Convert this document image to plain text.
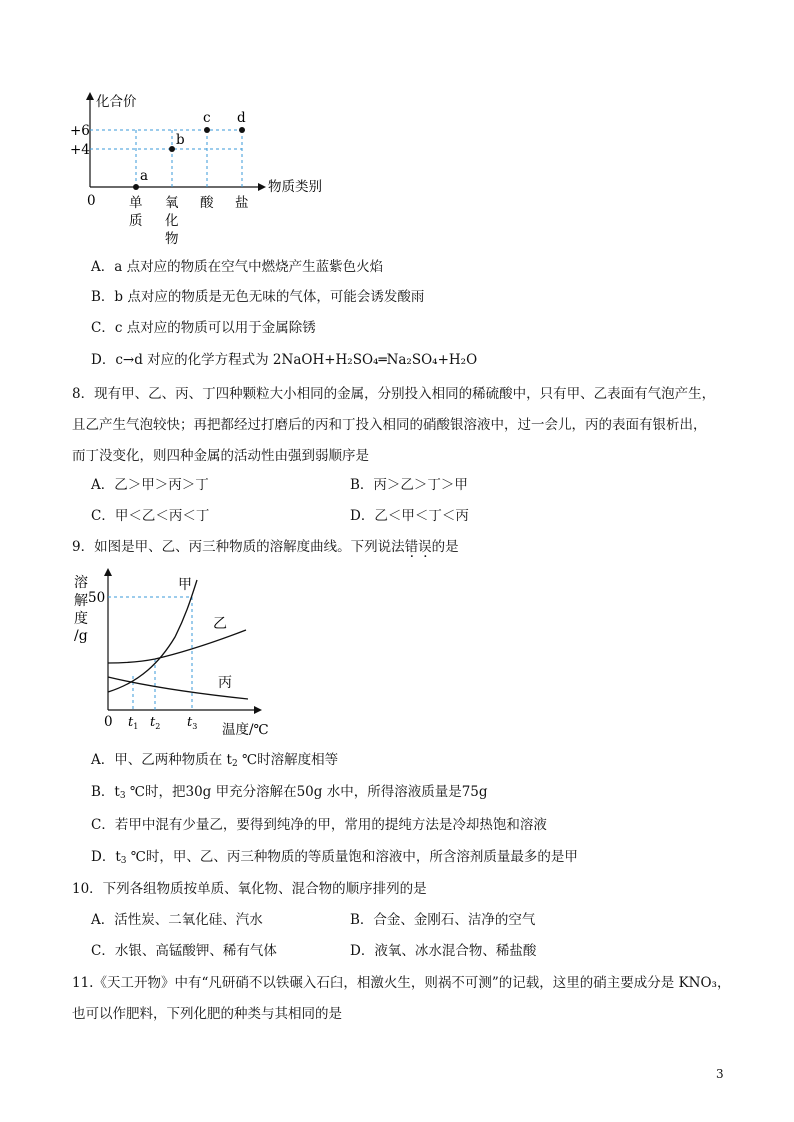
化合价
物质类别
0
+6
+4
a
b
c d
单
质
氧
化
物
酸 盐
A．a 点对应的物质在空气中燃烧产生蓝紫色火焰
B．b 点对应的物质是无色无味的气体，可能会诱发酸雨
C．c 点对应的物质可以用于金属除锈
D．c→d 对应的化学方程式为 2NaOH+H₂SO₄═Na₂SO₄+H₂O
8．现有甲、乙、丙、丁四种颗粒大小相同的金属，分别投入相同的稀硫酸中，只有甲、乙表面有气泡产生，
且乙产生气泡较快；再把都经过打磨后的丙和丁投入相同的硝酸银溶液中，过一会儿，丙的表面有银析出，
而丁没变化，则四种金属的活动性由强到弱顺序是
A．乙＞甲＞丙＞丁	B．丙＞乙＞丁＞甲
C．甲＜乙＜丙＜丁	D．乙＜甲＜丁＜丙
9．如图是甲、乙、丙三种物质的溶解度曲线。下列说法错误的是
溶
解
度
/g
50
0	温度/℃
甲
乙
丙
$t_1$ $t_2$ $t_3$
A．甲、乙两种物质在 $t_2$ ℃时溶解度相等
B．$t_3$ ℃时，把30g 甲充分溶解在50g 水中，所得溶液质量是75g
C．若甲中混有少量乙，要得到纯净的甲，常用的提纯方法是冷却热饱和溶液
D．$t_3$ ℃时，甲、乙、丙三种物质的等质量饱和溶液中，所含溶剂质量最多的是甲
10．下列各组物质按单质、氧化物、混合物的顺序排列的是
A．活性炭、二氧化硅、汽水	B．合金、金刚石、洁净的空气
C．水银、高锰酸钾、稀有气体	D．液氧、冰水混合物、稀盐酸
11.《天工开物》中有“凡研硝不以铁碾入石臼，相激火生，则祸不可测”的记载，这里的硝主要成分是 KNO₃，
也可以作肥料，下列化肥的种类与其相同的是
3
